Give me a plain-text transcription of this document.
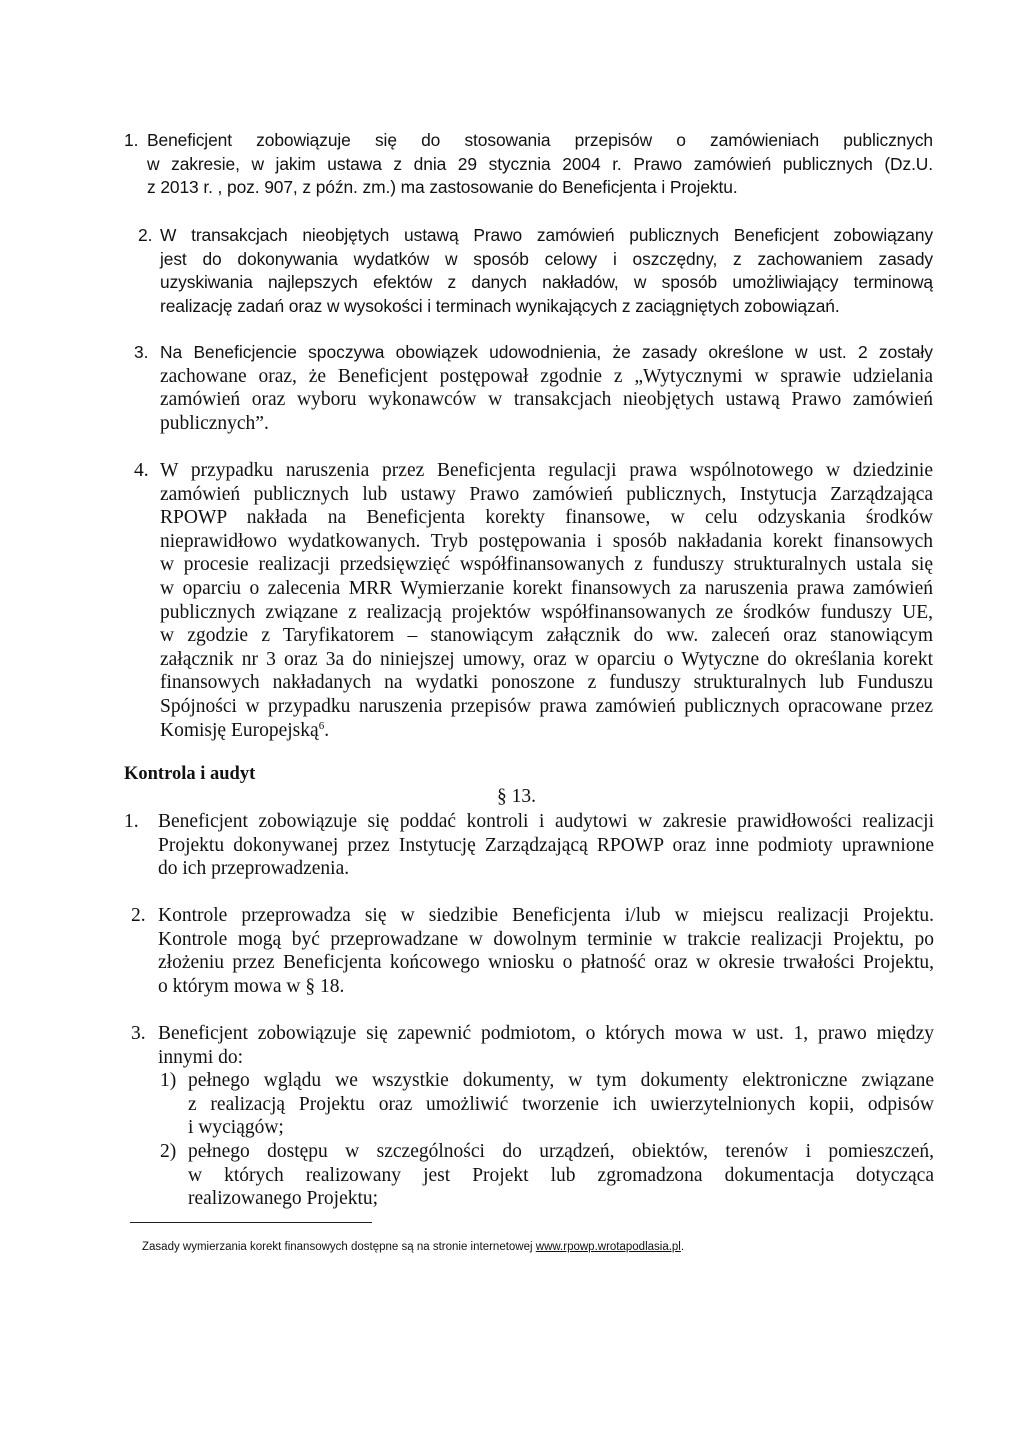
1. Beneficjent zobowiązuje się do stosowania przepisów o zamówieniach publicznych
w zakresie, w jakim ustawa z dnia 29 stycznia 2004 r. Prawo zamówień publicznych (Dz.U.
z 2013 r. , poz. 907, z późn. zm.) ma zastosowanie do Beneficjenta i Projektu.
2. W transakcjach nieobjętych ustawą Prawo zamówień publicznych Beneficjent zobowiązany
jest do dokonywania wydatków w sposób celowy i oszczędny, z zachowaniem zasady
uzyskiwania najlepszych efektów z danych nakładów, w sposób umożliwiający terminową
realizację zadań oraz w wysokości i terminach wynikających z zaciągniętych zobowiązań.
3. Na Beneficjencie spoczywa obowiązek udowodnienia, że zasady określone w ust. 2 zostały
zachowane oraz, że Beneficjent postępował zgodnie z „Wytycznymi w sprawie udzielania
zamówień oraz wyboru wykonawców w transakcjach nieobjętych ustawą Prawo zamówień
publicznych”.
4. W przypadku naruszenia przez Beneficjenta regulacji prawa wspólnotowego w dziedzinie
zamówień publicznych lub ustawy Prawo zamówień publicznych, Instytucja Zarządzająca
RPOWP nakłada na Beneficjenta korekty finansowe, w celu odzyskania środków
nieprawidłowo wydatkowanych. Tryb postępowania i sposób nakładania korekt finansowych
w procesie realizacji przedsięwzięć współfinansowanych z funduszy strukturalnych ustala się
w oparciu o zalecenia MRR Wymierzanie korekt finansowych za naruszenia prawa zamówień
publicznych związane z realizacją projektów współfinansowanych ze środków funduszy UE,
w zgodzie z Taryfikatorem – stanowiącym załącznik do ww. zaleceń oraz stanowiącym
załącznik nr 3 oraz 3a do niniejszej umowy, oraz w oparciu o Wytyczne do określania korekt
finansowych nakładanych na wydatki ponoszone z funduszy strukturalnych lub Funduszu
Spójności w przypadku naruszenia przepisów prawa zamówień publicznych opracowane przez
Komisję Europejską$^6$.
Kontrola i audyt
§ 13.
1. Beneficjent zobowiązuje się poddać kontroli i audytowi w zakresie prawidłowości realizacji
Projektu dokonywanej przez Instytucję Zarządzającą RPOWP oraz inne podmioty uprawnione
do ich przeprowadzenia.
2. Kontrole przeprowadza się w siedzibie Beneficjenta i/lub w miejscu realizacji Projektu.
Kontrole mogą być przeprowadzane w dowolnym terminie w trakcie realizacji Projektu, po
złożeniu przez Beneficjenta końcowego wniosku o płatność oraz w okresie trwałości Projektu,
o którym mowa w § 18.
3. Beneficjent zobowiązuje się zapewnić podmiotom, o których mowa w ust. 1, prawo między
innymi do:
1) pełnego wglądu we wszystkie dokumenty, w tym dokumenty elektroniczne związane
z realizacją Projektu oraz umożliwić tworzenie ich uwierzytelnionych kopii, odpisów
i wyciągów;
2) pełnego dostępu w szczególności do urządzeń, obiektów, terenów i pomieszczeń,
w których realizowany jest Projekt lub zgromadzona dokumentacja dotycząca
realizowanego Projektu;
Zasady wymierzania korekt finansowych dostępne są na stronie internetowej www.rpowp.wrotapodlasia.pl.
